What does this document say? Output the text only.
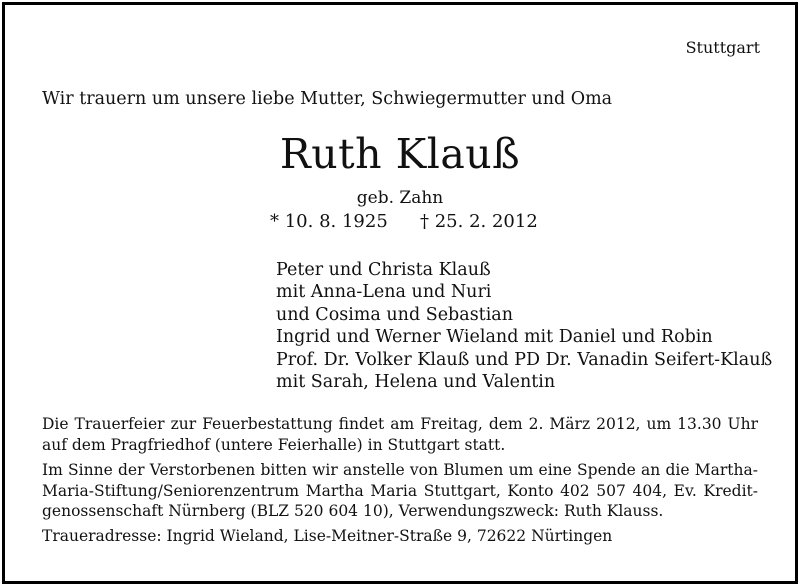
Stuttgart
Wir trauern um unsere liebe Mutter, Schwiegermutter und Oma
Ruth Klauß
geb. Zahn
* 10. 8. 1925 † 25. 2. 2012
Peter und Christa Klauß
mit Anna-Lena und Nuri
und Cosima und Sebastian
Ingrid und Werner Wieland mit Daniel und Robin
Prof. Dr. Volker Klauß und PD Dr. Vanadin Seifert-Klauß
mit Sarah, Helena und Valentin

Die Trauerfeier zur Feuerbestattung findet am Freitag, dem 2. März 2012, um 13.30 Uhr auf dem Pragfriedhof (untere Feierhalle) in Stuttgart statt.

Im Sinne der Verstorbenen bitten wir anstelle von Blumen um eine Spende an die Martha-Maria-Stiftung/Seniorenzentrum Martha Maria Stuttgart, Konto 402 507 404, Ev. Kredit-genossenschaft Nürnberg (BLZ 520 604 10), Verwendungszweck: Ruth Klauss.

Traueradresse: Ingrid Wieland, Lise-Meitner-Straße 9, 72622 Nürtingen
